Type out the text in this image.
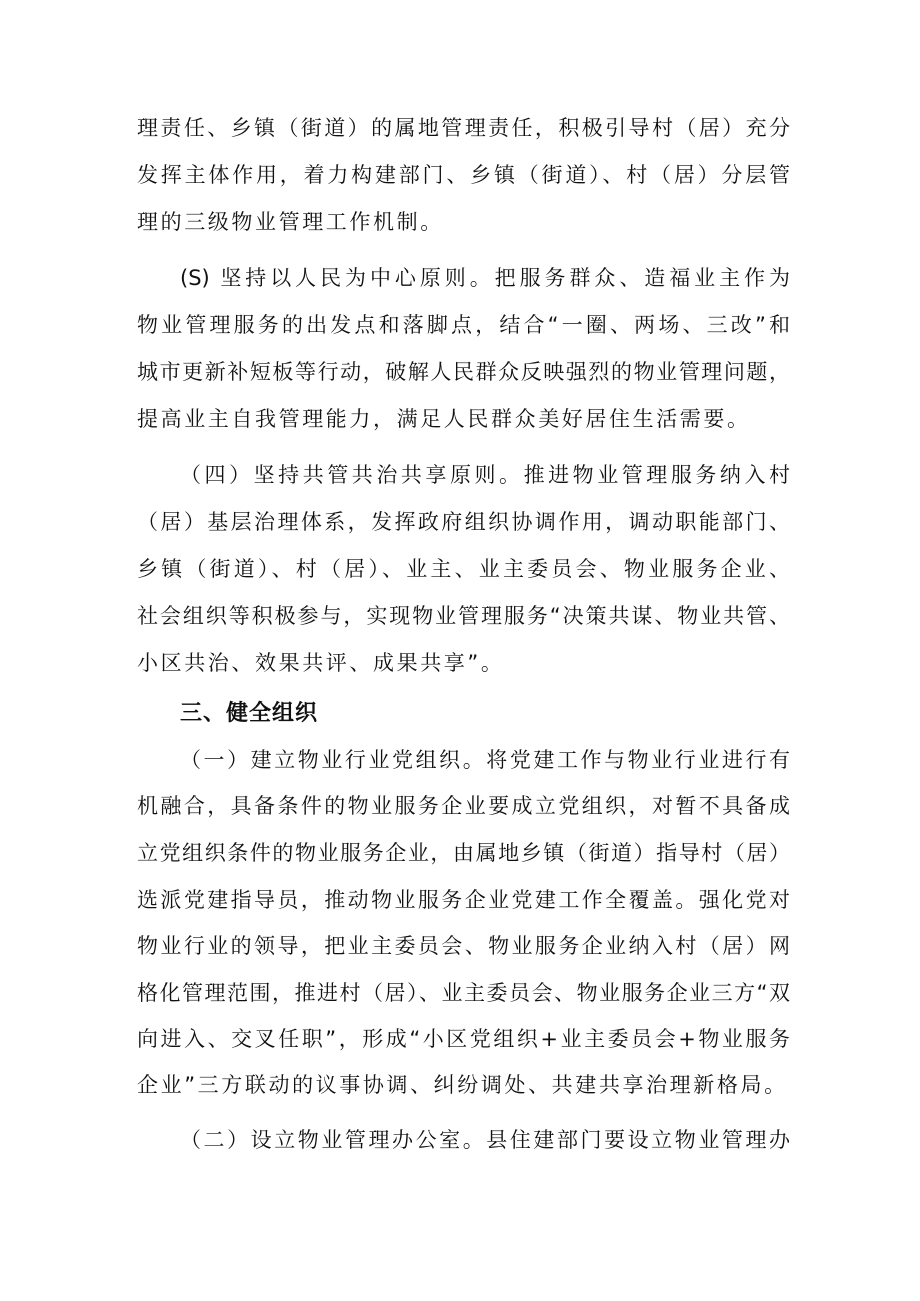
理责任、乡镇（街道）的属地管理责任，积极引导村（居）充分
发挥主体作用，着力构建部门、乡镇（街道）、村（居）分层管
理的三级物业管理工作机制。
(S) 坚持以人民为中心原则。把服务群众、造福业主作为
物业管理服务的出发点和落脚点，结合“一圈、两场、三改”和
城市更新补短板等行动，破解人民群众反映强烈的物业管理问题，
提高业主自我管理能力，满足人民群众美好居住生活需要。
（四）坚持共管共治共享原则。推进物业管理服务纳入村
（居）基层治理体系，发挥政府组织协调作用，调动职能部门、
乡镇（街道）、村（居）、业主、业主委员会、物业服务企业、
社会组织等积极参与，实现物业管理服务“决策共谋、物业共管、
小区共治、效果共评、成果共享”。
三、健全组织
（一）建立物业行业党组织。将党建工作与物业行业进行有
机融合，具备条件的物业服务企业要成立党组织，对暂不具备成
立党组织条件的物业服务企业，由属地乡镇（街道）指导村（居）
选派党建指导员，推动物业服务企业党建工作全覆盖。强化党对
物业行业的领导，把业主委员会、物业服务企业纳入村（居）网
格化管理范围，推进村（居）、业主委员会、物业服务企业三方“双
向进入、交叉任职”，形成“小区党组织+业主委员会+物业服务
企业”三方联动的议事协调、纠纷调处、共建共享治理新格局。
（二）设立物业管理办公室。县住建部门要设立物业管理办
